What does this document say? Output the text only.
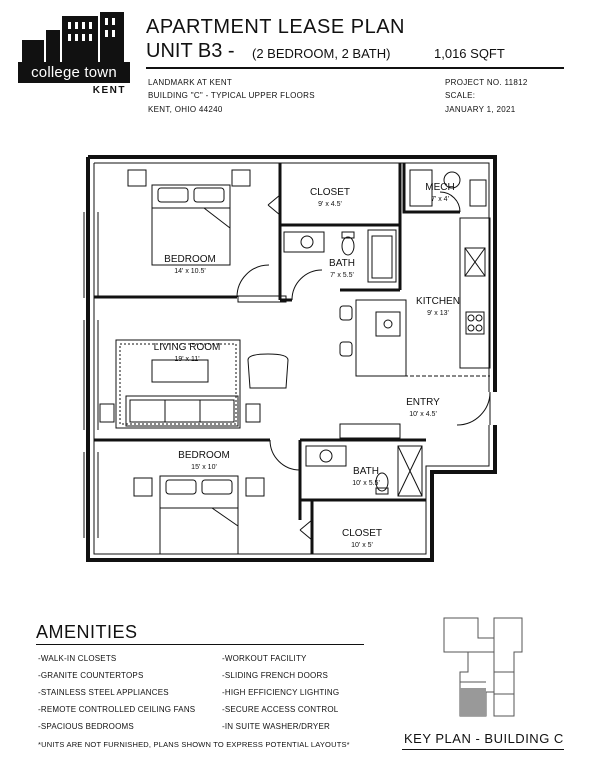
college town
KENT
APARTMENT LEASE PLAN
UNIT B3 - (2 BEDROOM, 2 BATH)	1,016 SQFT
LANDMARK AT KENT
BUILDING "C" - TYPICAL UPPER FLOORS
KENT, OHIO 44240
PROJECT NO. 11812
SCALE:
JANUARY 1, 2021
BEDROOM
14' x 10.5'
CLOSET
9' x 4.5'
MECH
7' x 4'
BATH
7' x 5.5'
KITCHEN
9' x 13'
LIVING ROOM
19' x 11'
ENTRY
10' x 4.5'
BEDROOM
15' x 10'	BATH
10' x 5.5'
CLOSET
10' x 5'
AMENITIES
-WALK-IN CLOSETS
-GRANITE COUNTERTOPS
-STAINLESS STEEL APPLIANCES
-REMOTE CONTROLLED CEILING FANS
-SPACIOUS BEDROOMS
-WORKOUT FACILITY
-SLIDING FRENCH DOORS
-HIGH EFFICIENCY LIGHTING
-SECURE ACCESS CONTROL
-IN SUITE WASHER/DRYER
*UNITS ARE NOT FURNISHED, PLANS SHOWN TO EXPRESS POTENTIAL LAYOUTS*	KEY PLAN - BUILDING C
